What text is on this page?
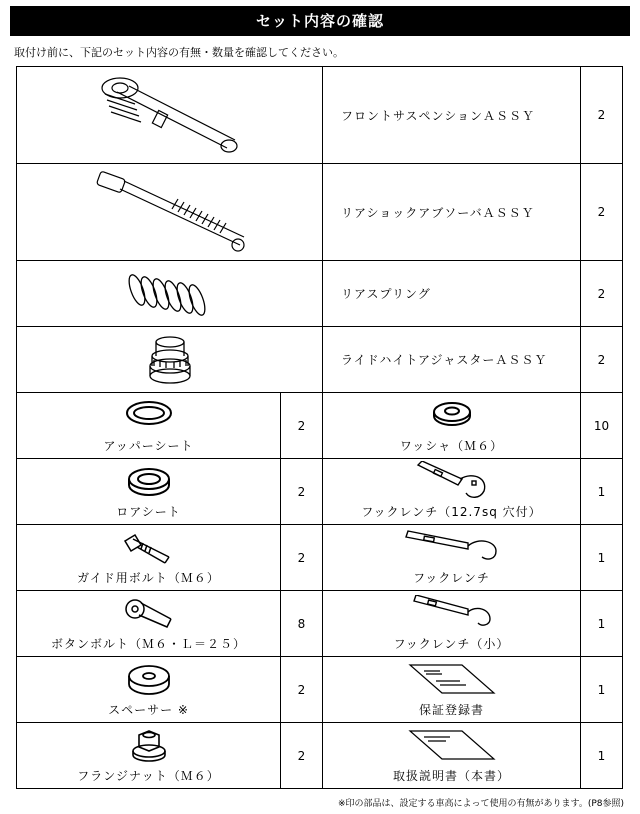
セット内容の確認
取付け前に、下記のセット内容の有無・数量を確認してください。
	フロントサスペンションＡＳＳＹ	2

	リアショックアブソーバＡＳＳＹ	2

	リアスプリング	2

	ライドハイトアジャスターＡＳＳＹ	2

アッパーシート	2	ワッシャ（Ｍ６）	10

ロアシート	2	フックレンチ（12.7sq 穴付）	1

ガイド用ボルト（Ｍ６）	2	フックレンチ	1

ボタンボルト（Ｍ６・Ｌ＝２５）	8	フックレンチ（小）	1

スペーサー ※	2	保証登録書	1

フランジナット（Ｍ６）	2	取扱説明書（本書）	1
※印の部品は、設定する車高によって使用の有無があります。(P8参照)
